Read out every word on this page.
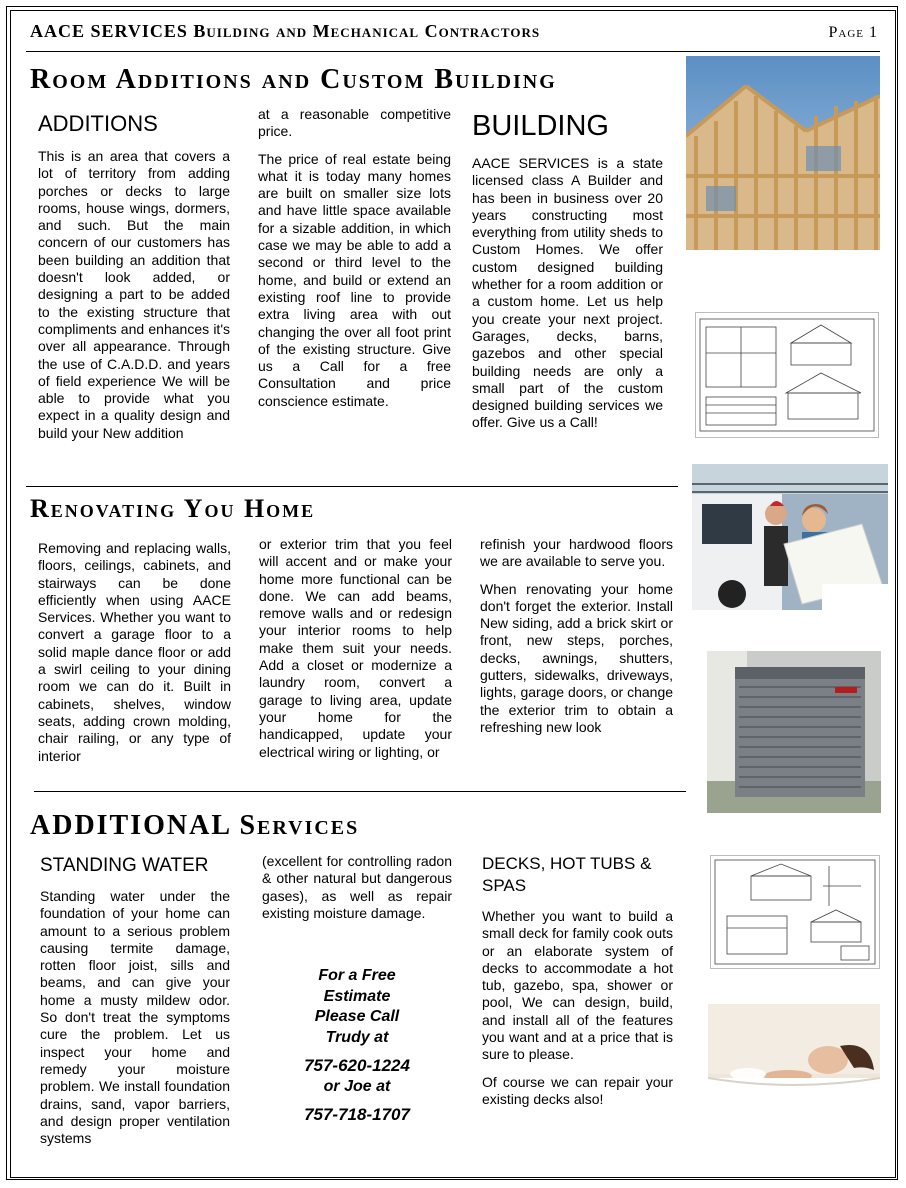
AACE SERVICES Building and Mechanical Contractors	Page 1
Room Additions and Custom Building
ADDITIONS

This is an area that covers a lot of territory from adding porches or decks to large rooms, house wings, dormers, and such. But the main concern of our customers has been building an addition that doesn't look added, or designing a part to be added to the existing structure that compliments and enhances it's over all appearance. Through the use of C.A.D.D. and years of field experience We will be able to provide what you expect in a quality design and build your New addition

at a reasonable competitive price.

The price of real estate being what it is today many homes are built on smaller size lots and have little space available for a sizable addition, in which case we may be able to add a second or third level to the home, and build or extend an existing roof line to provide extra living area with out changing the over all foot print of the existing structure. Give us a Call for a free Consultation and price conscience estimate.

BUILDING

AACE SERVICES is a state licensed class A Builder and has been in business over 20 years constructing most everything from utility sheds to Custom Homes. We offer custom designed building whether for a room addition or a custom home. Let us help you create your next project. Garages, decks, barns, gazebos and other special building needs are only a small part of the custom designed building services we offer. Give us a Call!

Renovating You Home

Removing and replacing walls, floors, ceilings, cabinets, and stairways can be done efficiently when using AACE Services. Whether you want to convert a garage floor to a solid maple dance floor or add a swirl ceiling to your dining room we can do it. Built in cabinets, shelves, window seats, adding crown molding, chair railing, or any type of interior

or exterior trim that you feel will accent and or make your home more functional can be done. We can add beams, remove walls and or redesign your interior rooms to help make them suit your needs. Add a closet or modernize a laundry room, convert a garage to living area, update your home for the handicapped, update your electrical wiring or lighting, or

refinish your hardwood floors we are available to serve you.

When renovating your home don't forget the exterior. Install New siding, add a brick skirt or front, new steps, porches, decks, awnings, shutters, gutters, sidewalks, driveways, lights, garage doors, or change the exterior trim to obtain a refreshing new look

ADDITIONAL Services
STANDING WATER

Standing water under the foundation of your home can amount to a serious problem causing termite damage, rotten floor joist, sills and beams, and can give your home a musty mildew odor. So don't treat the symptoms cure the problem. Let us inspect your home and remedy your moisture problem. We install foundation drains, sand, vapor barriers, and design proper ventilation systems

(excellent for controlling radon & other natural but dangerous gases), as well as repair existing moisture damage.

For a Free
Estimate
Please Call
Trudy at
757-620-1224
or Joe at
757-718-1707
DECKS, HOT TUBS & SPAS

Whether you want to build a small deck for family cook outs or an elaborate system of decks to accommodate a hot tub, gazebo, spa, shower or pool, We can design, build, and install all of the features you want and at a price that is sure to please.

Of course we can repair your existing decks also!
